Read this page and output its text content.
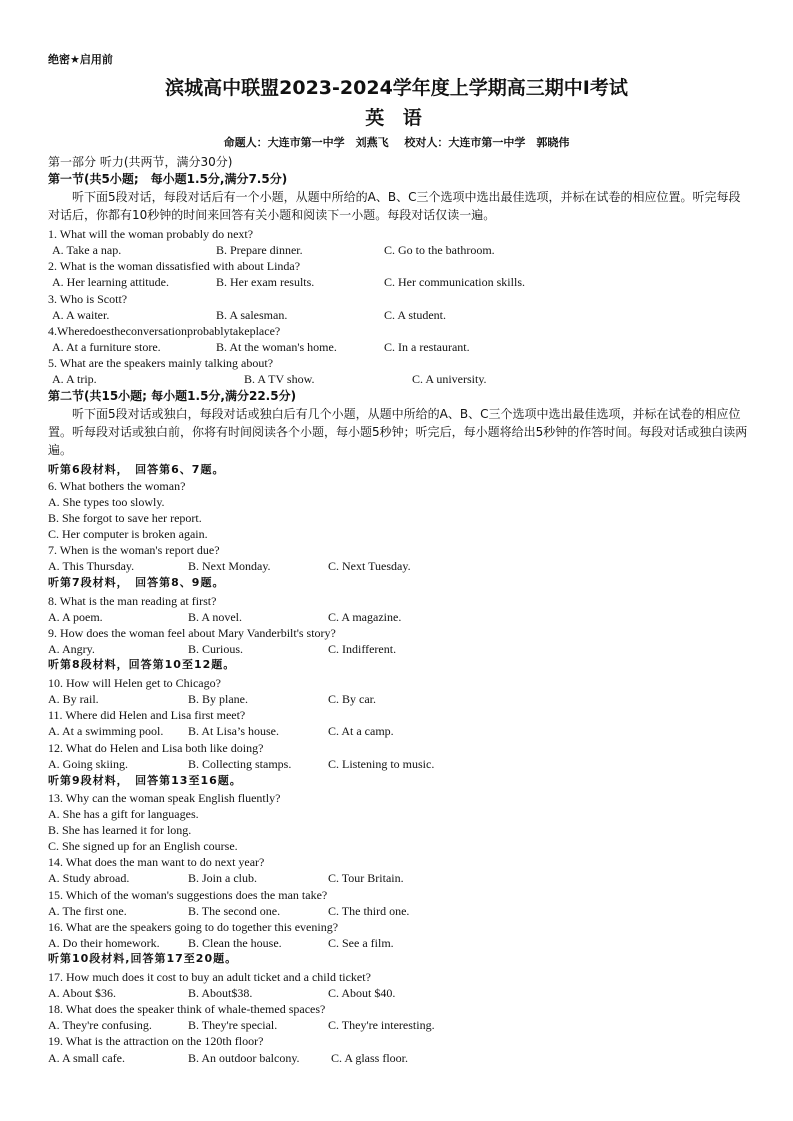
绝密★启用前
滨城高中联盟2023-2024学年度上学期高三期中Ⅰ考试
英 语
命题人：大连市第一中学　刘燕飞 校对人：大连市第一中学　郭晓伟
第一部分 听力(共两节，满分30分)
第一节(共5小题;　每小题1.5分,满分7.5分)
听下面5段对话，每段对话后有一个小题，从题中所给的A、B、C三个选项中选出最佳选项，并标在试卷的相应位置。听完每段对话后，你都有10秒钟的时间来回答有关小题和阅读下一小题。每段对话仅读一遍。
1. What will the woman probably do next?
A. Take a nap.	B. Prepare dinner.	C. Go to the bathroom.
2. What is the woman dissatisfied with about Linda?
A. Her learning attitude.	B. Her exam results.	C. Her communication skills.
3. Who is Scott?
A. A waiter.	B. A salesman.	C. A student.
4.Wheredoestheconversationprobablytakeplace?
A. At a furniture store.	B. At the woman's home.	C. In a restaurant.
5. What are the speakers mainly talking about?
A. A trip.	B. A TV show.	C. A university.
第二节(共15小题; 每小题1.5分,满分22.5分)
听下面5段对话或独白，每段对话或独白后有几个小题，从题中所给的A、B、C三个选项中选出最佳选项，并标在试卷的相应位置。听每段对话或独白前，你将有时间阅读各个小题，每小题5秒钟；听完后，每小题将给出5秒钟的作答时间。每段对话或独白读两遍。
听第6段材料，　回答第6、7题。
6. What bothers the woman?
A. She types too slowly.
B. She forgot to save her report.
C. Her computer is broken again.
7. When is the woman's report due?
A. This Thursday.	B. Next Monday.	C. Next Tuesday.
听第7段材料，　回答第8、9题。
8. What is the man reading at first?
A. A poem.	B. A novel.	C. A magazine.
9. How does the woman feel about Mary Vanderbilt's story?
A. Angry.	B. Curious.	C. Indifferent.
听第8段材料，回答第10至12题。
10. How will Helen get to Chicago?
A. By rail.	B. By plane.	C. By car.
11. Where did Helen and Lisa first meet?
A. At a swimming pool. B. At Lisa’s house.	C. At a camp.
12. What do Helen and Lisa both like doing?
A. Going skiing.	B. Collecting stamps.	C. Listening to music.
听第9段材料，　回答第13至16题。
13. Why can the woman speak English fluently?
A. She has a gift for languages.
B. She has learned it for long.
C. She signed up for an English course.
14. What does the man want to do next year?
A. Study abroad.	B. Join a club.	C. Tour Britain.
15. Which of the woman's suggestions does the man take?
A. The first one.	B. The second one.	C. The third one.
16. What are the speakers going to do together this evening?
A. Do their homework. B. Clean the house.	C. See a film.
听第10段材料,回答第17至20题。
17. How much does it cost to buy an adult ticket and a child ticket?
A. About $36.	B. About$38.	C. About $40.
18. What does the speaker think of whale-themed spaces?
A. They're confusing.	B. They're special.	C. They're interesting.
19. What is the attraction on the 120th floor?
A. A small cafe.	B. An outdoor balcony.	C. A glass floor.
